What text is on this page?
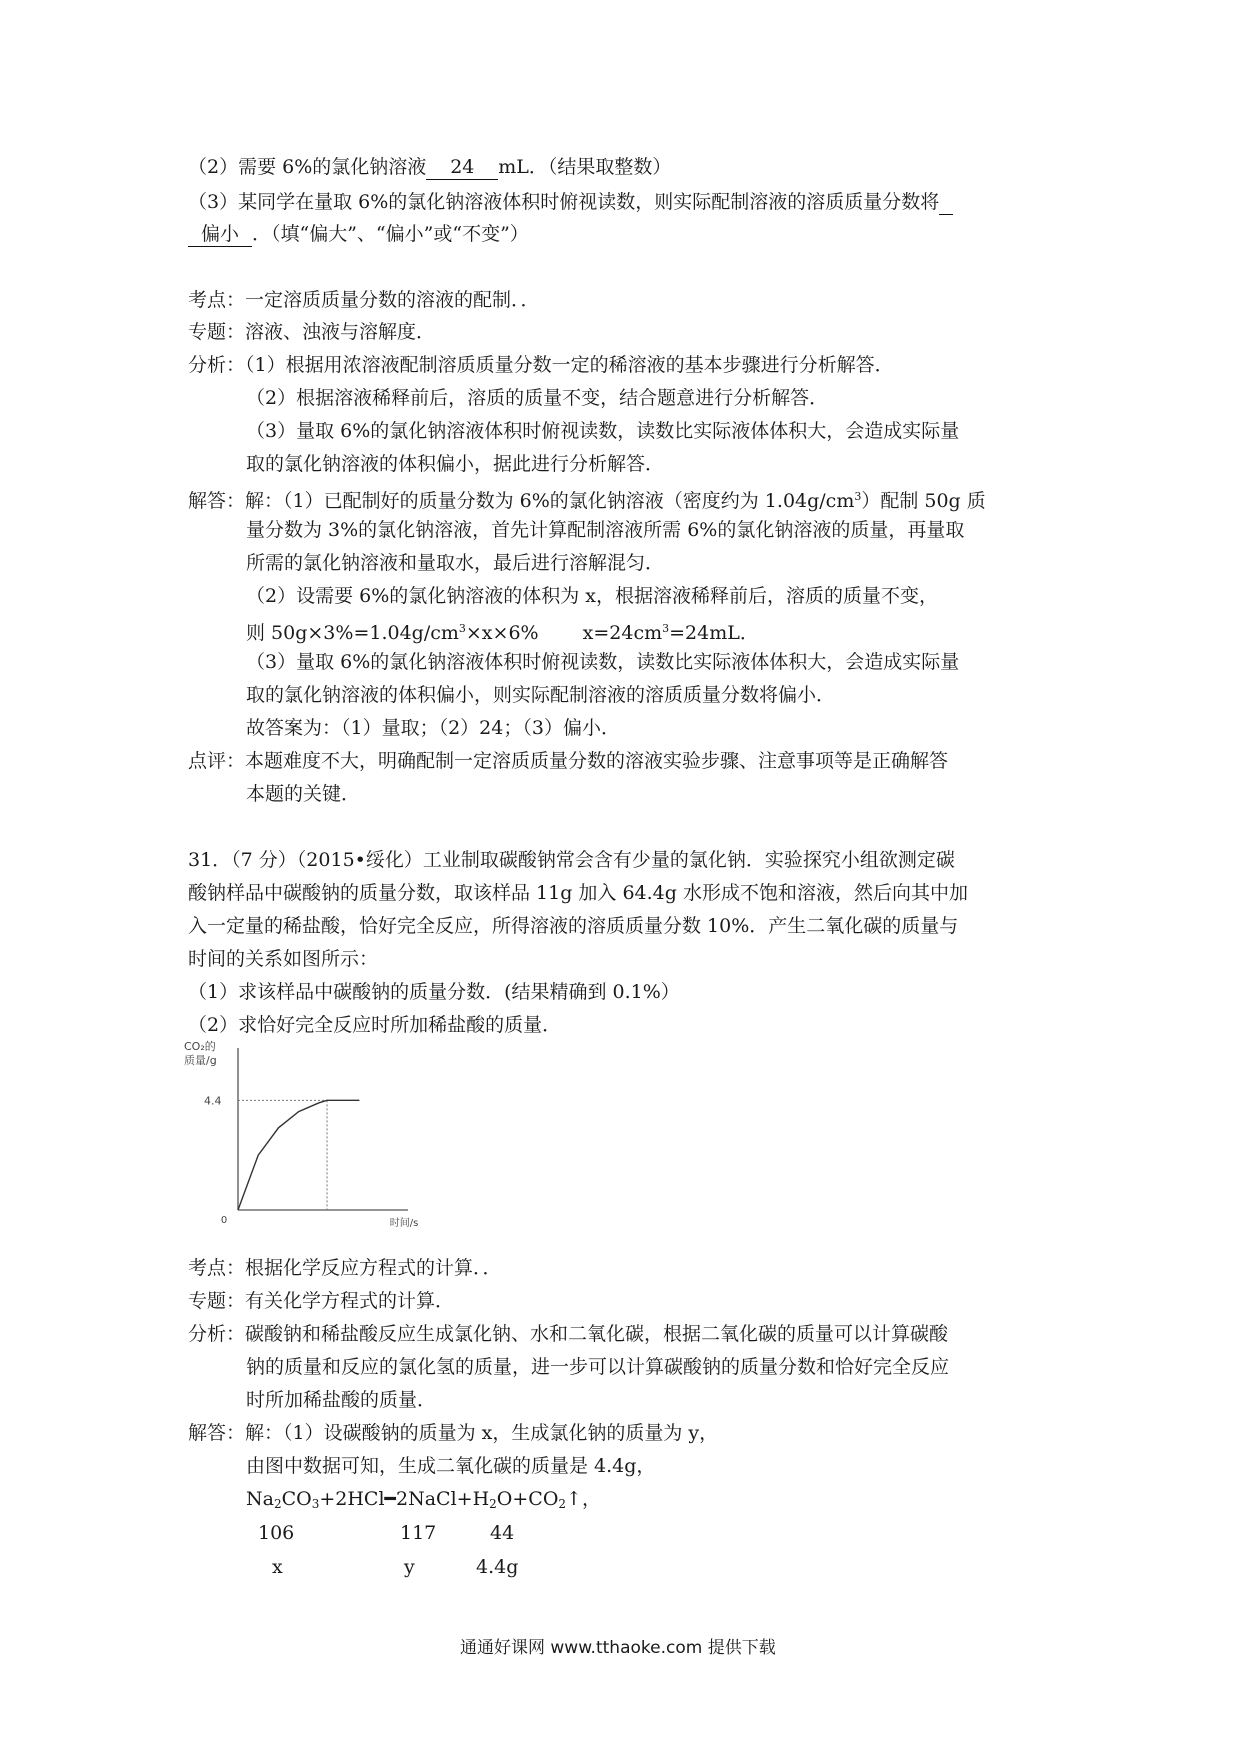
（2）需要 6%的氯化钠溶液 24 mL．（结果取整数）
（3）某同学在量取 6%的氯化钠溶液体积时俯视读数，则实际配制溶液的溶质质量分数将
偏小 ．（填“偏大”、“偏小”或“不变”）
考点：一定溶质质量分数的溶液的配制．．
专题：溶液、浊液与溶解度．
分析：（1）根据用浓溶液配制溶质质量分数一定的稀溶液的基本步骤进行分析解答．
（2）根据溶液稀释前后，溶质的质量不变，结合题意进行分析解答．
（3）量取 6%的氯化钠溶液体积时俯视读数，读数比实际液体体积大，会造成实际量
取的氯化钠溶液的体积偏小，据此进行分析解答．
解答：解：（1）已配制好的质量分数为 6%的氯化钠溶液（密度约为 $1.04g/cm^3$）配制 50g 质
量分数为 3%的氯化钠溶液，首先计算配制溶液所需 6%的氯化钠溶液的质量，再量取
所需的氯化钠溶液和量取水，最后进行溶解混匀．
（2）设需要 6%的氯化钠溶液的体积为 x，根据溶液稀释前后，溶质的质量不变，
则 $50g\times 3\%=1.04g/cm^3\times x\times 6\%$　　 $x=24cm^3=24mL$．
（3）量取 6%的氯化钠溶液体积时俯视读数，读数比实际液体体积大，会造成实际量
取的氯化钠溶液的体积偏小，则实际配制溶液的溶质质量分数将偏小．
故答案为：（1）量取；（2）24；（3）偏小．
点评：本题难度不大，明确配制一定溶质质量分数的溶液实验步骤、注意事项等是正确解答
本题的关键．
31．（7 分）（2015•绥化）工业制取碳酸钠常会含有少量的氯化钠．实验探究小组欲测定碳
酸钠样品中碳酸钠的质量分数，取该样品 11g 加入 64.4g 水形成不饱和溶液，然后向其中加
入一定量的稀盐酸，恰好完全反应，所得溶液的溶质质量分数 10%．产生二氧化碳的质量与
时间的关系如图所示：
（1）求该样品中碳酸钠的质量分数．(结果精确到 0.1%）
（2）求恰好完全反应时所加稀盐酸的质量．
CO₂的
质量/g
时间/s
0
4.4
考点：根据化学反应方程式的计算．．
专题：有关化学方程式的计算．
分析：碳酸钠和稀盐酸反应生成氯化钠、水和二氧化碳，根据二氧化碳的质量可以计算碳酸
钠的质量和反应的氯化氢的质量，进一步可以计算碳酸钠的质量分数和恰好完全反应
时所加稀盐酸的质量．
解答：解：（1）设碳酸钠的质量为 x，生成氯化钠的质量为 y，
由图中数据可知，生成二氧化碳的质量是 4.4g，
$Na_2CO_3+2HCl━2NaCl+H_2O+CO_2↑$，
106	117	44
x	y	4.4g
通通好课网 www.tthaoke.com 提供下载
